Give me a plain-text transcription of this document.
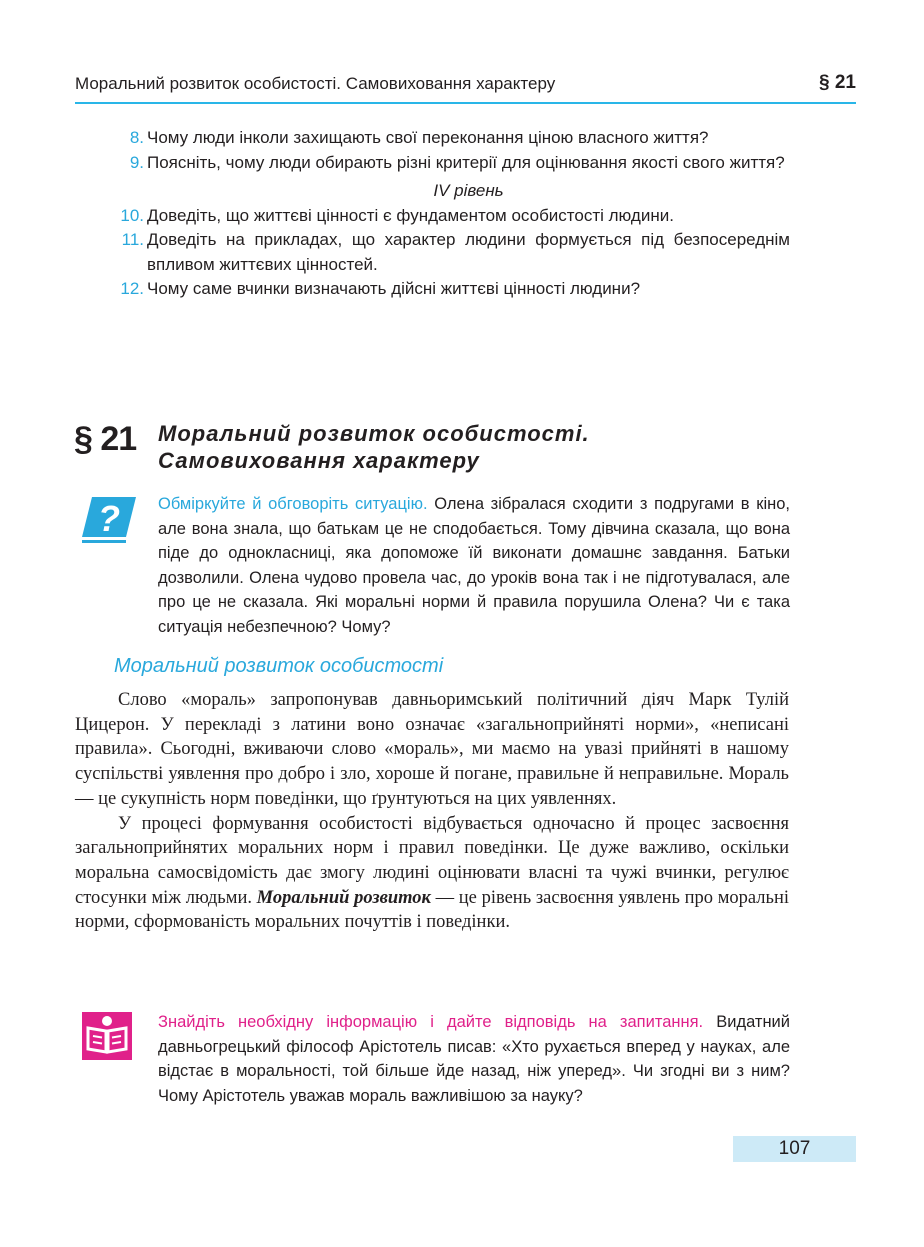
Моральний розвиток особистості. Самовиховання характеру	§ 21
8. Чому люди інколи захищають свої переконання ціною власного життя?
9. Поясніть, чому люди обирають різні критерії для оцінювання якості свого життя?
IV рівень
10. Доведіть, що життєві цінності є фундаментом особистості людини.
11. Доведіть на прикладах, що характер людини формується під безпосереднім впливом життєвих цінностей.
12. Чому саме вчинки визначають дійсні життєві цінності людини?
§ 21 Моральний розвиток особистості.
Самовиховання характеру
? Обміркуйте й обговоріть ситуацію. Олена зібралася сходити з подругами в кіно, але вона знала, що батькам це не сподобається. Тому дівчина сказала, що вона піде до однокласниці, яка допоможе їй виконати домашнє завдання. Батьки дозволили. Олена чудово провела час, до уроків вона так і не підготувалася, але про це не сказала. Які моральні норми й правила порушила Олена? Чи є така ситуація небезпечною? Чому?
Моральний розвиток особистості

Слово «мораль» запропонував давньоримський політичний діяч Марк Тулій Цицерон. У перекладі з латини воно означає «загальноприйняті норми», «неписані правила». Сьогодні, вживаючи слово «мораль», ми маємо на увазі прийняті в нашому суспільстві уявлення про добро і зло, хороше й погане, правильне й неправильне. Мораль — це сукупність норм поведінки, що ґрунтуються на цих уявленнях.

У процесі формування особистості відбувається одночасно й процес засвоєння загальноприйнятих моральних норм і правил поведінки. Це дуже важливо, оскільки моральна самосвідомість дає змогу людині оцінювати власні та чужі вчинки, регулює стосунки між людьми. Моральний розвиток — це рівень засвоєння уявлень про моральні норми, сформованість моральних почуттів і поведінки.

Знайдіть необхідну інформацію і дайте відповідь на запитання. Видатний давньогрецький філософ Арістотель писав: «Хто рухається вперед у науках, але відстає в моральності, той більше йде назад, ніж уперед». Чи згодні ви з ним? Чому Арістотель уважав мораль важливішою за науку?
107
